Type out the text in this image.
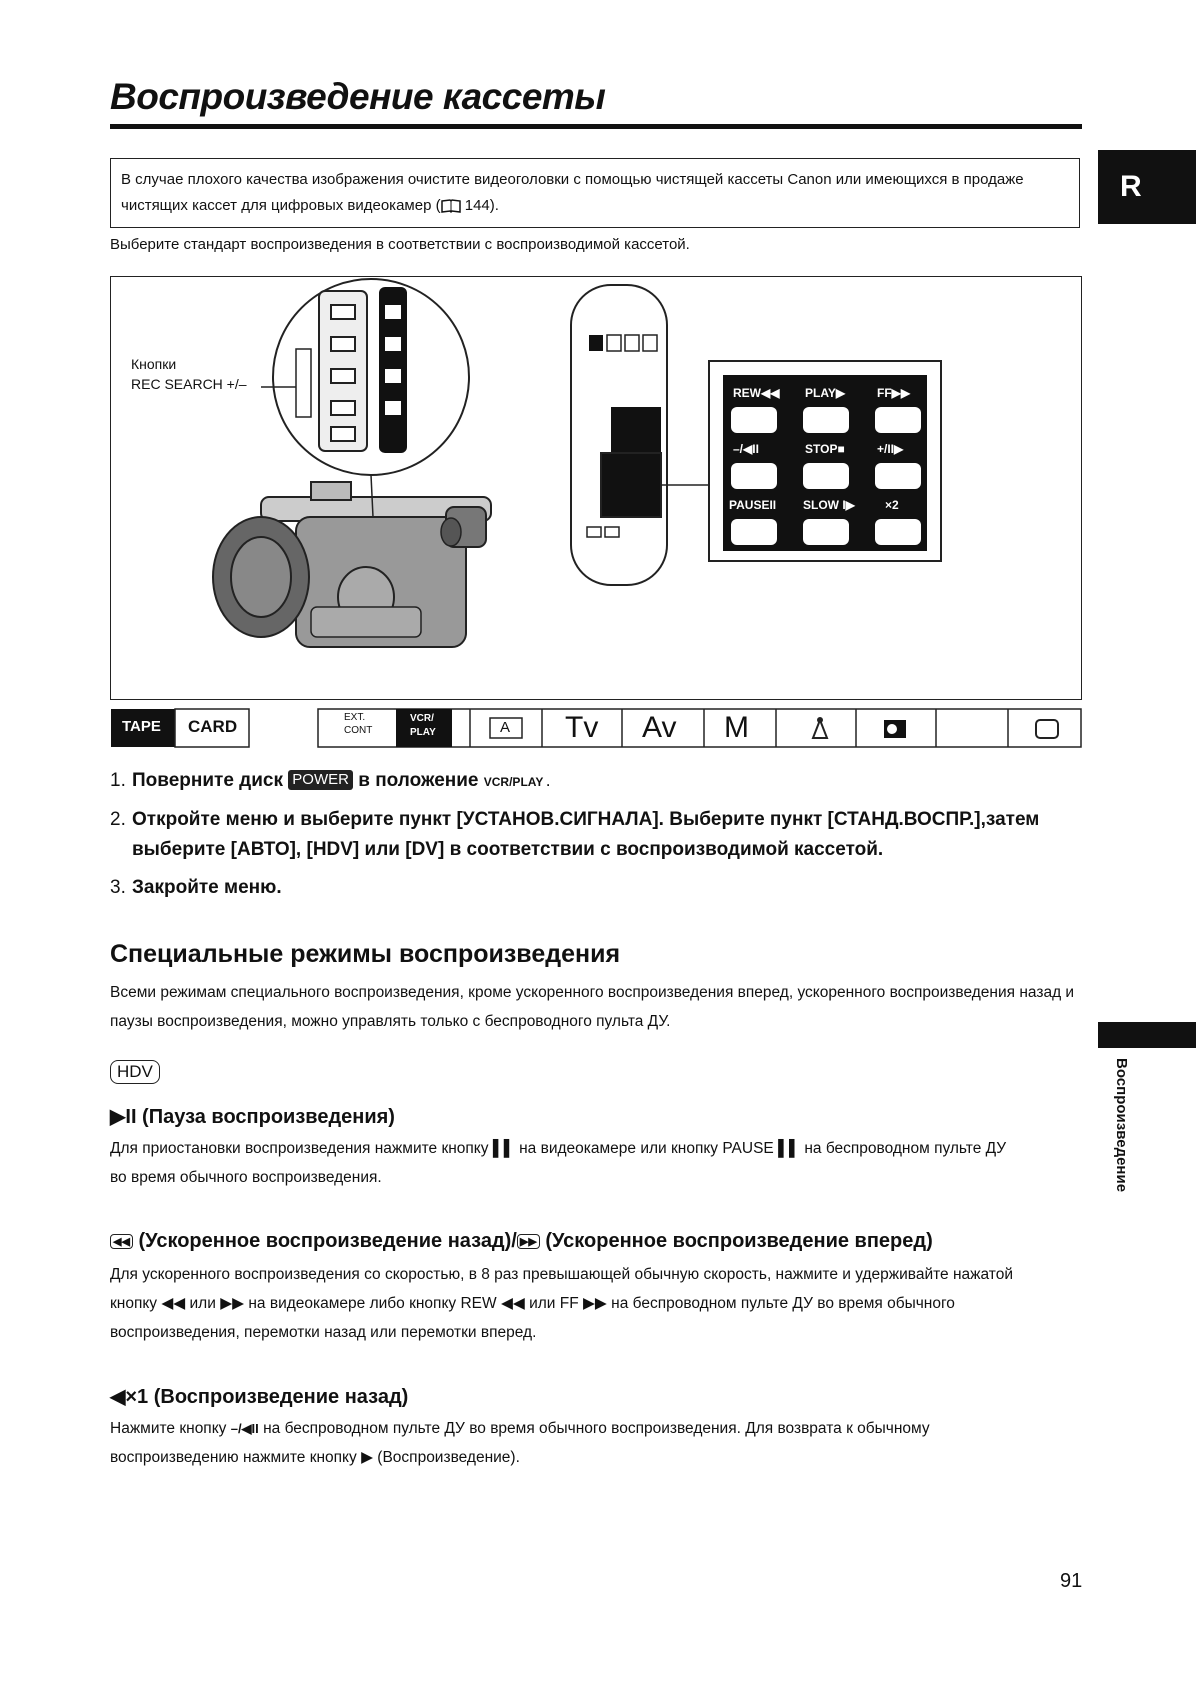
Воспроизведение кассеты
R
В случае плохого качества изображения очистите видеоголовки с помощью чистящей кассеты Canon или имеющихся в продаже чистящих кассет для цифровых видеокамер ( 144).
Выберите стандарт воспроизведения в соответствии с воспроизводимой кассетой.
Кнопки
REC SEARCH +/–
REW◀◀ PLAY▶	FF▶▶
–/◀II	STOP■	+/II▶
PAUSEII SLOW I▶	×2
TAPE CARD	EXT.
CONT
VCR/
PLAY	A Tv Av M
1. Поверните диск POWER в положение VCR/PLAY .
2. Откройте меню и выберите пункт [УСТАНОВ.СИГНАЛА]. Выберите пункт [СТАНД.ВОСПР.],затем
выберите [АВТО], [HDV] или [DV] в соответствии с воспроизводимой кассетой.
3. Закройте меню.
Специальные режимы воспроизведения
Всеми режимам специального воспроизведения, кроме ускоренного воспроизведения вперед, ускоренного воспроизведения назад и паузы воспроизведения, можно управлять только с беспроводного пульта ДУ.
HDV
▶II (Пауза воспроизведения)
Для приостановки воспроизведения нажмите кнопку ▌▌ на видеокамере или кнопку PAUSE ▌▌ на беспроводном пульте ДУ
во время обычного воспроизведения.
◀◀ (Ускоренное воспроизведение назад)/ ▶▶ (Ускоренное воспроизведение вперед)
Для ускоренного воспроизведения со скоростью, в 8 раз превышающей обычную скорость, нажмите и удерживайте нажатой
кнопку ◀◀ или ▶▶ на видеокамере либо кнопку REW ◀◀ или FF ▶▶ на беспроводном пульте ДУ во время обычного
воспроизведения, перемотки назад или перемотки вперед.
◀×1 (Воспроизведение назад)
Нажмите кнопку –/◀II на беспроводном пульте ДУ во время обычного воспроизведения. Для возврата к обычному
воспроизведению нажмите кнопку ▶ (Воспроизведение).
Воспроизведение
91
